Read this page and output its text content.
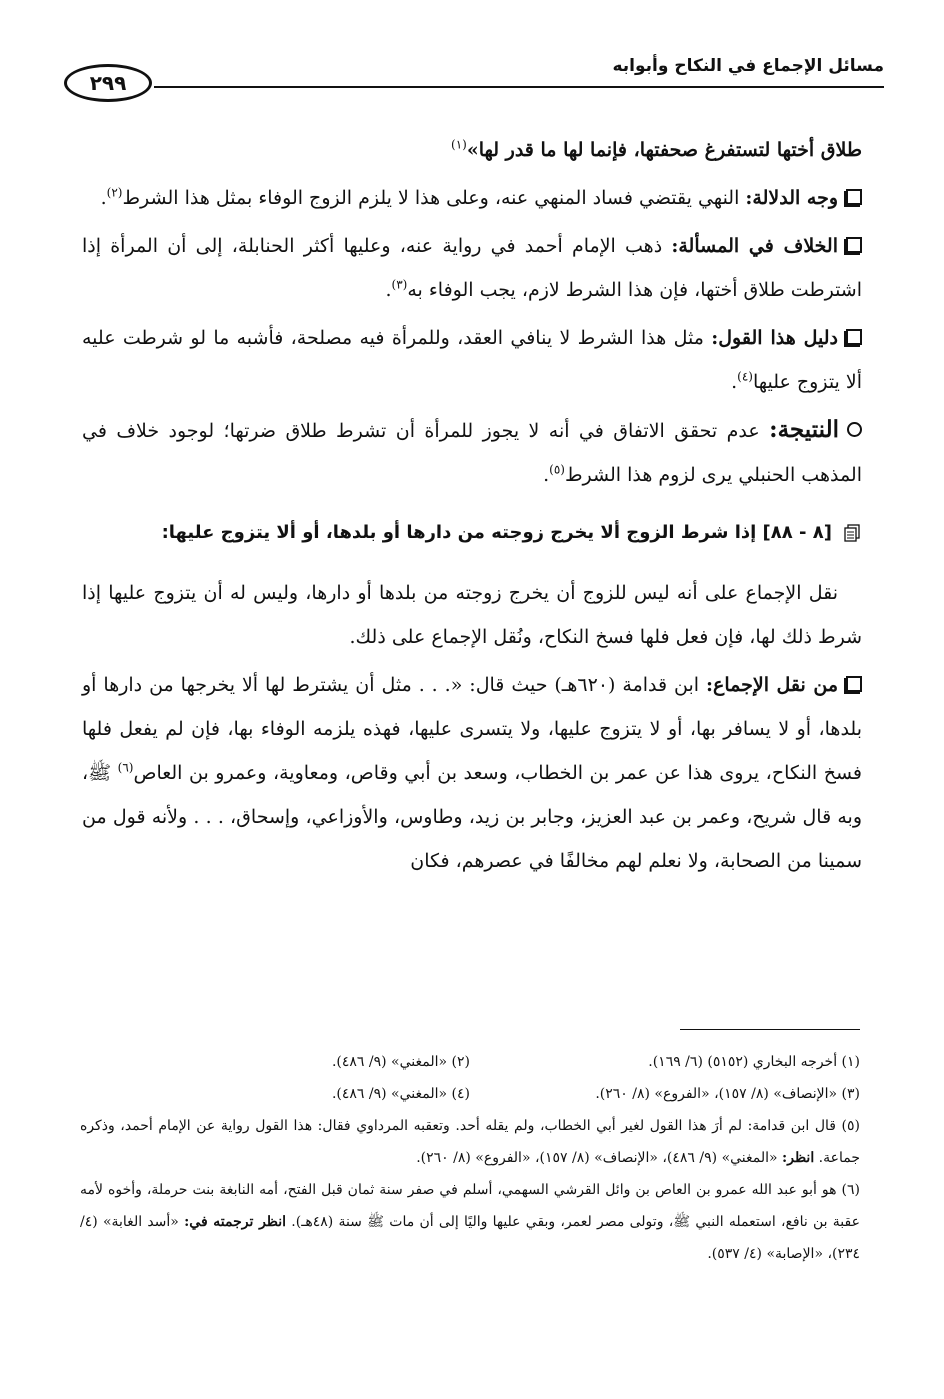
مسائل الإجماع في النكاح وأبوابه
٢٩٩

طلاق أختها لتستفرغ صحفتها، فإنما لها ما قدر لها»$^{(١)}$

وجه الدلالة: النهي يقتضي فساد المنهي عنه، وعلى هذا لا يلزم الزوج الوفاء بمثل هذا الشرط$^{(٢)}$.

الخلاف في المسألة: ذهب الإمام أحمد في رواية عنه، وعليها أكثر الحنابلة، إلى أن المرأة إذا اشترطت طلاق أختها، فإن هذا الشرط لازم، يجب الوفاء به$^{(٣)}$.

دليل هذا القول: مثل هذا الشرط لا ينافي العقد، وللمرأة فيه مصلحة، فأشبه ما لو شرطت عليه ألا يتزوج عليها$^{(٤)}$.

النتيجة: عدم تحقق الاتفاق في أنه لا يجوز للمرأة أن تشرط طلاق ضرتها؛ لوجود خلاف في المذهب الحنبلي يرى لزوم هذا الشرط$^{(٥)}$.

[٨ - ٨٨] إذا شرط الزوج ألا يخرج زوجته من دارها أو بلدها، أو ألا يتزوج عليها:

نقل الإجماع على أنه ليس للزوج أن يخرج زوجته من بلدها أو دارها، وليس له أن يتزوج عليها إذا شرط ذلك لها، فإن فعل فلها فسخ النكاح، ونُقل الإجماع على ذلك.

من نقل الإجماع: ابن قدامة (٦٢٠هـ) حيث قال: «. . . مثل أن يشترط لها ألا يخرجها من دارها أو بلدها، أو لا يسافر بها، أو لا يتزوج عليها، ولا يتسرى عليها، فهذه يلزمه الوفاء بها، فإن لم يفعل فلها فسخ النكاح، يروى هذا عن عمر بن الخطاب، وسعد بن أبي وقاص، ومعاوية، وعمرو بن العاص$^{(٦)}$ ﷺ، وبه قال شريح، وعمر بن عبد العزيز، وجابر بن زيد، وطاوس، والأوزاعي، وإسحاق، . . . ولأنه قول من سمينا من الصحابة، ولا نعلم لهم مخالفًا في عصرهم، فكان

(١) أخرجه البخاري (٥١٥٢) (٦/ ١٦٩).
(٢) «المغني» (٩/ ٤٨٦).
(٣) «الإنصاف» (٨/ ١٥٧)، «الفروع» (٨/ ٢٦٠).
(٤) «المغني» (٩/ ٤٨٦).
(٥) قال ابن قدامة: لم أرَ هذا القول لغير أبي الخطاب، ولم يقله أحد. وتعقبه المرداوي فقال: هذا القول رواية عن الإمام أحمد، وذكره جماعة. انظر: «المغني» (٩/ ٤٨٦)، «الإنصاف» (٨/ ١٥٧)، «الفروع» (٨/ ٢٦٠).
(٦) هو أبو عبد الله عمرو بن العاص بن وائل القرشي السهمي، أسلم في صفر سنة ثمان قبل الفتح، أمه النابغة بنت حرملة، وأخوه لأمه عقبة بن نافع، استعمله النبي ﷺ، وتولى مصر لعمر، وبقي عليها واليًا إلى أن مات ﷺ سنة (٤٨هـ). انظر ترجمته في: «أسد الغابة» (٤/ ٢٣٤)، «الإصابة» (٤/ ٥٣٧).
